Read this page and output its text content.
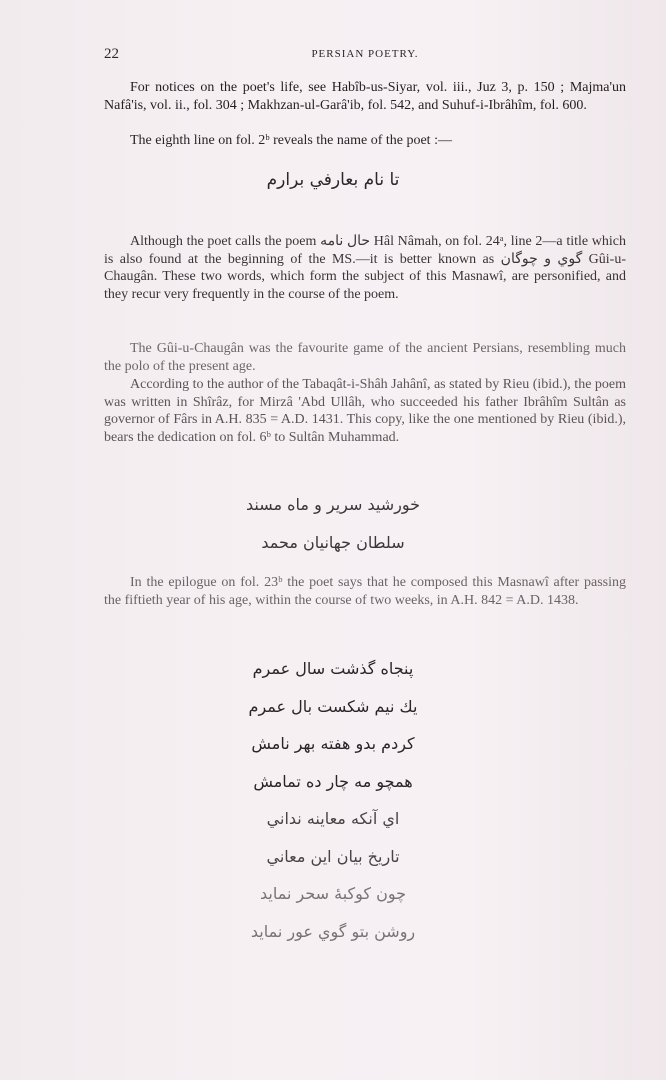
22	PERSIAN POETRY.

For notices on the poet's life, see Habîb-us-Siyar, vol. iii., Juz 3, p. 150 ; Majma'un Nafâ'is, vol. ii., fol. 304 ; Makhzan-ul-Garâ'ib, fol. 542, and Suhuf-i-Ibrâhîm, fol. 600.

The eighth line on fol. 2ᵇ reveals the name of the poet :—

تا نام بعارفي برارم

Although the poet calls the poem حال نامه Hâl Nâmah, on fol. 24ᵃ, line 2—a title which is also found at the beginning of the MS.—it is better known as گوي و چوگان Gûi-u-Chaugân. These two words, which form the subject of this Masnawî, are personified, and they recur very frequently in the course of the poem.

The Gûi-u-Chaugân was the favourite game of the ancient Persians, resembling much the polo of the present age.

According to the author of the Tabaqât-i-Shâh Jahânî, as stated by Rieu (ibid.), the poem was written in Shîrâz, for Mirzâ 'Abd Ullâh, who succeeded his father Ibrâhîm Sultân as governor of Fârs in A.H. 835 = A.D. 1431. This copy, like the one mentioned by Rieu (ibid.), bears the dedication on fol. 6ᵇ to Sultân Muhammad.

خورشید سریر و ماه مسند
سلطان جهانیان محمد

In the epilogue on fol. 23ᵇ the poet says that he composed this Masnawî after passing the fiftieth year of his age, within the course of two weeks, in A.H. 842 = A.D. 1438.

پنجاه گذشت سال عمرم
یك نیم شکست بال عمرم
کردم بدو هفته بهر نامش
همچو مه چار ده تمامش
اي آنکه معاینه نداني
تاریخ بیان این معاني
چون کوکبهٔ سحر نماید
روشن بتو گوي عور نماید
